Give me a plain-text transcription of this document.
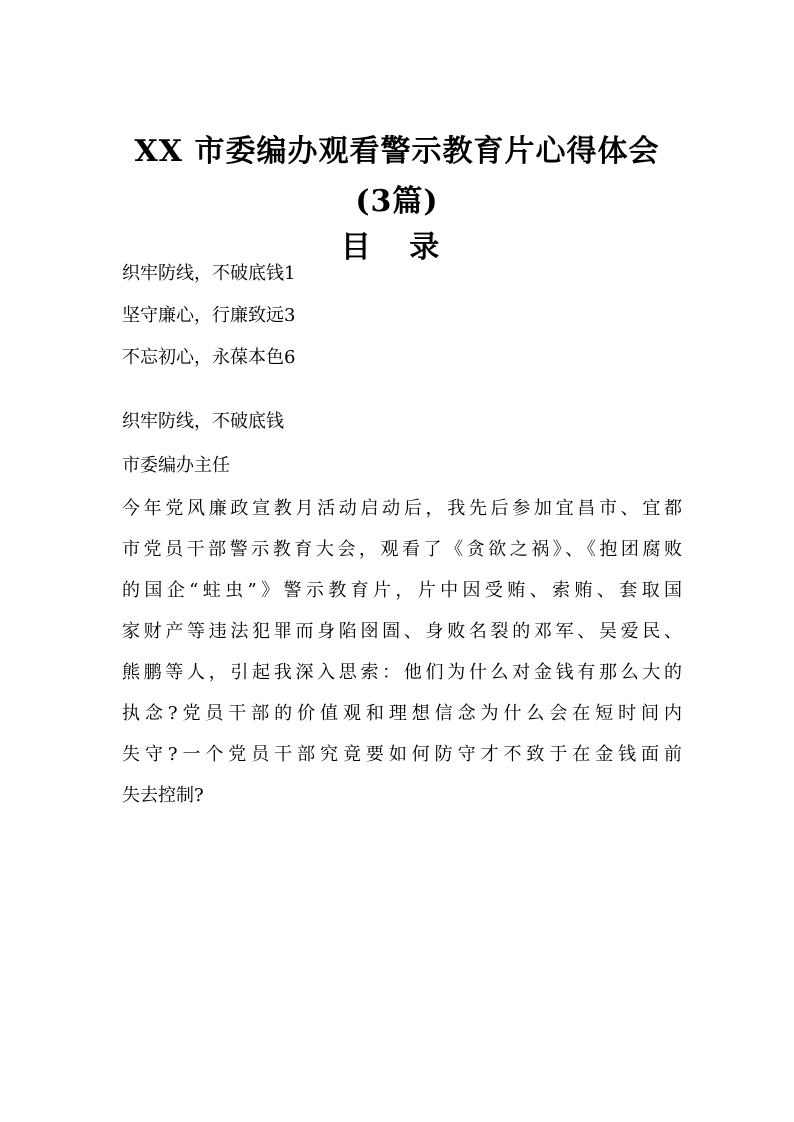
XX 市委编办观看警示教育片心得体会
(3篇)
目 录

织牢防线，不破底钱1

坚守廉心，行廉致远3

不忘初心，永葆本色6

织牢防线，不破底钱

市委编办主任

今年党风廉政宣教月活动启动后，我先后参加宜昌市、宜都

市党员干部警示教育大会，观看了《贪欲之祸》、《抱团腐败

的国企“蛀虫”》警示教育片，片中因受贿、索贿、套取国

家财产等违法犯罪而身陷囹圄、身败名裂的邓军、吴爱民、

熊鹏等人，引起我深入思索：他们为什么对金钱有那么大的

执念?党员干部的价值观和理想信念为什么会在短时间内

失守?一个党员干部究竟要如何防守才不致于在金钱面前

失去控制?
